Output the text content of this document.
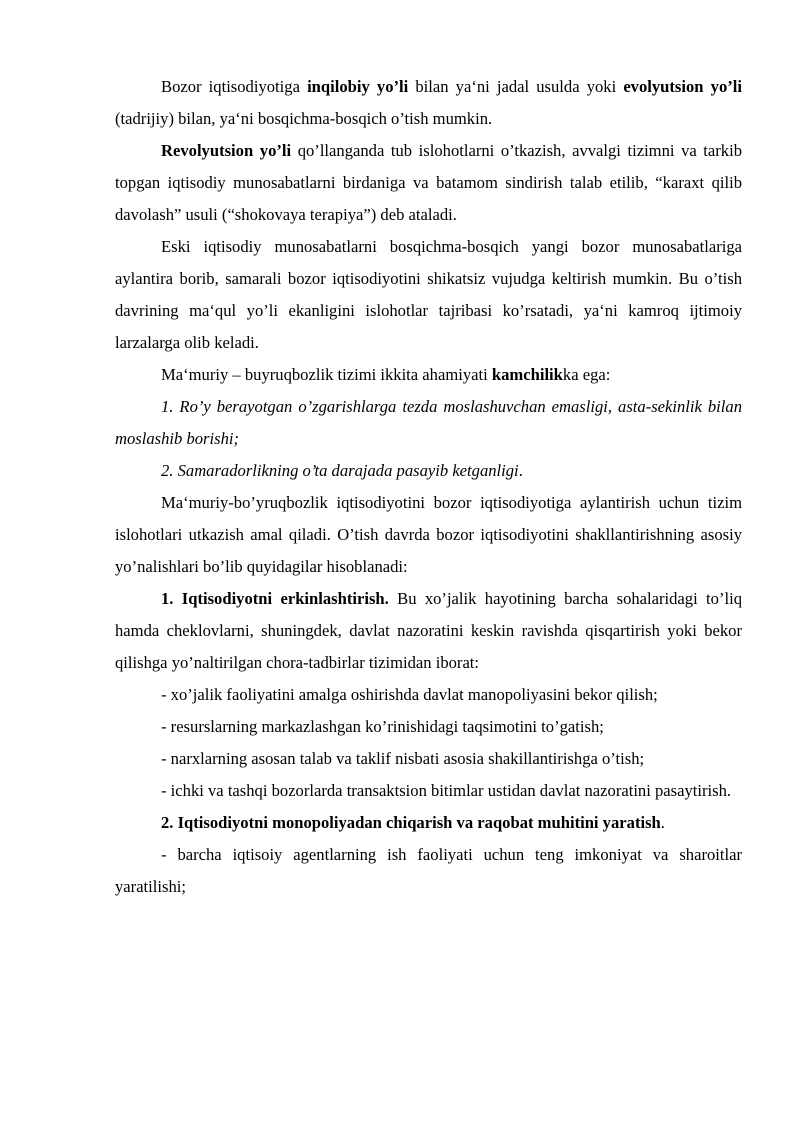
Bozor iqtisodiyotiga inqilobiy yo’li bilan ya‘ni jadal usulda yoki evolyutsion yo’li (tadrijiy) bilan, ya‘ni bosqichma-bosqich o’tish mumkin.

Revolyutsion yo’li qo’llanganda tub islohotlarni o’tkazish, avvalgi tizimni va tarkib topgan iqtisodiy munosabatlarni birdaniga va batamom sindirish talab etilib, “karaxt qilib davolash” usuli (“shokovaya terapiya”) deb ataladi.

Eski iqtisodiy munosabatlarni bosqichma-bosqich yangi bozor munosabatlariga aylantira borib, samarali bozor iqtisodiyotini shikatsiz vujudga keltirish mumkin. Bu o’tish davrining ma‘qul yo’li ekanligini islohotlar tajribasi ko’rsatadi, ya‘ni kamroq ijtimoiy larzalarga olib keladi.

Ma‘muriy – buyruqbozlik tizimi ikkita ahamiyati kamchilikka ega:

1. Ro’y berayotgan o’zgarishlarga tezda moslashuvchan emasligi, asta-sekinlik bilan moslashib borishi;

2. Samaradorlikning o’ta darajada pasayib ketganligi.

Ma‘muriy-bo’yruqbozlik iqtisodiyotini bozor iqtisodiyotiga aylantirish uchun tizim islohotlari utkazish amal qiladi. O’tish davrda bozor iqtisodiyotini shakllantirishning asosiy yo’nalishlari bo’lib quyidagilar hisoblanadi:

1. Iqtisodiyotni erkinlashtirish. Bu xo’jalik hayotining barcha sohalaridagi to’liq hamda cheklovlarni, shuningdek, davlat nazoratini keskin ravishda qisqartirish yoki bekor qilishga yo’naltirilgan chora-tadbirlar tizimidan iborat:

- xo’jalik faoliyatini amalga oshirishda davlat manopoliyasini bekor qilish;

- resurslarning markazlashgan ko’rinishidagi taqsimotini to’gatish;

- narxlarning asosan talab va taklif nisbati asosia shakillantirishga o’tish;

- ichki va tashqi bozorlarda transaktsion bitimlar ustidan davlat nazoratini pasaytirish.

2. Iqtisodiyotni monopoliyadan chiqarish va raqobat muhitini yaratish.

- barcha iqtisoiy agentlarning ish faoliyati uchun teng imkoniyat va sharoitlar yaratilishi;
